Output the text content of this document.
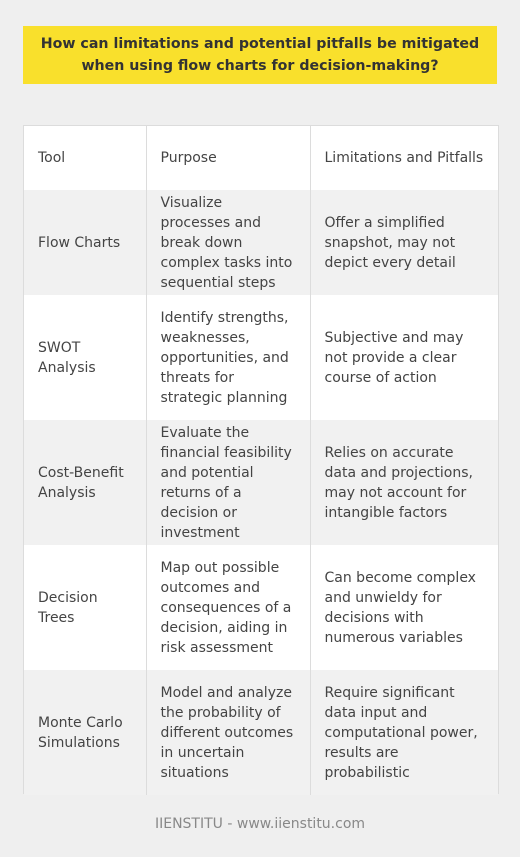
How can limitations and potential pitfalls be mitigated when using flow charts for decision-making?
Tool	Purpose	Limitations and Pitfalls
Flow Charts	Visualize processes and break down complex tasks into sequential steps	Offer a simplified snapshot, may not depict every detail
SWOT Analysis	Identify strengths, weaknesses, opportunities, and threats for strategic planning	Subjective and may not provide a clear course of action
Cost-Benefit Analysis	Evaluate the financial feasibility and potential returns of a decision or investment	Relies on accurate data and projections, may not account for intangible factors
Decision Trees	Map out possible outcomes and consequences of a decision, aiding in risk assessment	Can become complex and unwieldy for decisions with numerous variables
Monte Carlo Simulations	Model and analyze the probability of different outcomes in uncertain situations	Require significant data input and computational power, results are probabilistic
IIENSTITU - www.iienstitu.com
